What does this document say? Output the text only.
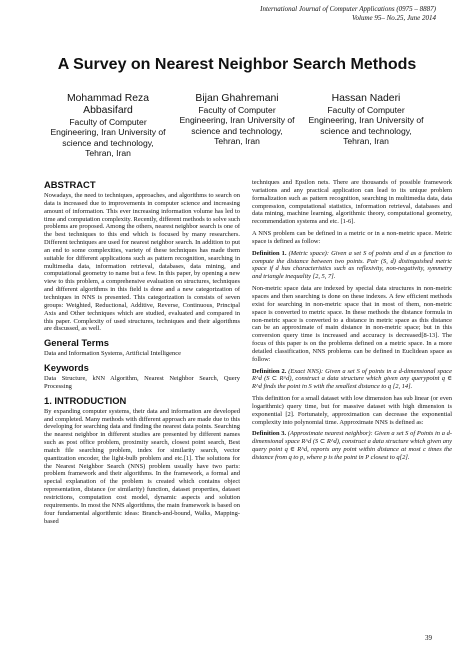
International Journal of Computer Applications (0975 – 8887)
Volume 95– No.25, June 2014
A Survey on Nearest Neighbor Search Methods
Mohammad Reza Abbasifard
Faculty of Computer
Engineering, Iran University of
science and technology,
Tehran, Iran
Bijan Ghahremani
Faculty of Computer
Engineering, Iran University of
science and technology,
Tehran, Iran
Hassan Naderi
Faculty of Computer
Engineering, Iran University of
science and technology,
Tehran, Iran
ABSTRACT

Nowadays, the need to techniques, approaches, and algorithms to search on data is increased due to improvements in computer science and increasing amount of information. This ever increasing information volume has led to time and computation complexity. Recently, different methods to solve such problems are proposed. Among the others, nearest neighbor search is one of the best techniques to this end which is focused by many researchers. Different techniques are used for nearest neighbor search. In addition to put an end to some complexities, variety of these techniques has made them suitable for different applications such as pattern recognition, searching in multimedia data, information retrieval, databases, data mining, and computational geometry to name but a few. In this paper, by opening a new view to this problem, a comprehensive evaluation on structures, techniques and different algorithms in this field is done and a new categorization of techniques in NNS is presented. This categorization is consists of seven groups: Weighted, Reductional, Additive, Reverse, Continuous, Principal Axis and Other techniques which are studied, evaluated and compared in this paper. Complexity of used structures, techniques and their algorithms are discussed, as well.

General Terms

Data and Information Systems, Artificial Intelligence

Keywords

Data Structure, kNN Algorithm, Nearest Neighbor Search, Query Processing

1. INTRODUCTION

By expanding computer systems, their data and information are developed and completed. Many methods with different approach are made due to this developing for searching data and finding the nearest data points. Searching the nearest neighbor in different studies are presented by different names such as post office problem, proximity search, closest point search, Best match file searching problem, index for similarity search, vector quantization encoder, the light-bulb problem and etc.[1]. The solutions for the Nearest Neighbor Search (NNS) problem usually have two parts: problem framework and their algorithms. In the framework, a formal and special explanation of the problem is created which contains object representation, distance (or similarity) function, dataset properties, dataset restrictions, computation cost model, dynamic aspects and solution requirements. In most the NNS algorithms, the main framework is based on four fundamental algorithmic ideas: Branch-and-bound, Walks, Mapping-based

techniques and Epsilon nets. There are thousands of possible framework variations and any practical application can lead to its unique problem formalization such as pattern recognition, searching in multimedia data, data compression, computational statistics, information retrieval, databases and data mining, machine learning, algorithmic theory, computational geometry, recommendation systems and etc. [1-6].

A NNS problem can be defined in a metric or in a non-metric space. Metric space is defined as follow:

Definition 1. (Metric space): Given a set S of points and d as a function to compute the distance between two points. Pair (S, d) distinguished metric space if d has characteristics such as reflexivity, non-negativity, symmetry and triangle inequality [2, 5, 7].

Non-metric space data are indexed by special data structures in non-metric spaces and then searching is done on these indexes. A few efficient methods exist for searching in non-metric space that in most of them, non-metric space is converted to metric space. In these methods the distance formula in non-metric space is converted to a distance in metric space as this distance can be an approximate of main distance in non-metric space; but in this conversion query time is increased and accuracy is decreased[8-13]. The focus of this paper is on the problems defined on a metric space. In a more detailed classification, NNS problems can be defined in Euclidean space as follow:

Definition 2. (Exact NNS): Given a set S of points in a d-dimensional space R^d (S ⊂ R^d), construct a data structure which given any querypoint q ∈ R^d finds the point in S with the smallest distance to q [2, 14].

This definition for a small dataset with low dimension has sub linear (or even logarithmic) query time, but for massive dataset with high dimension is exponential [2]. Fortunately, approximation can decrease the exponential complexity into polynomial time. Approximate NNS is defined as:

Definition 3. (Approximate nearest neighbor): Given a set S of Points in a d-dimensional space R^d (S ⊂ R^d), construct a data structure which given any query point q ∈ R^d, reports any point within distance at most c times the distance from q to p, where p is the point in P closest to q[2].

39
